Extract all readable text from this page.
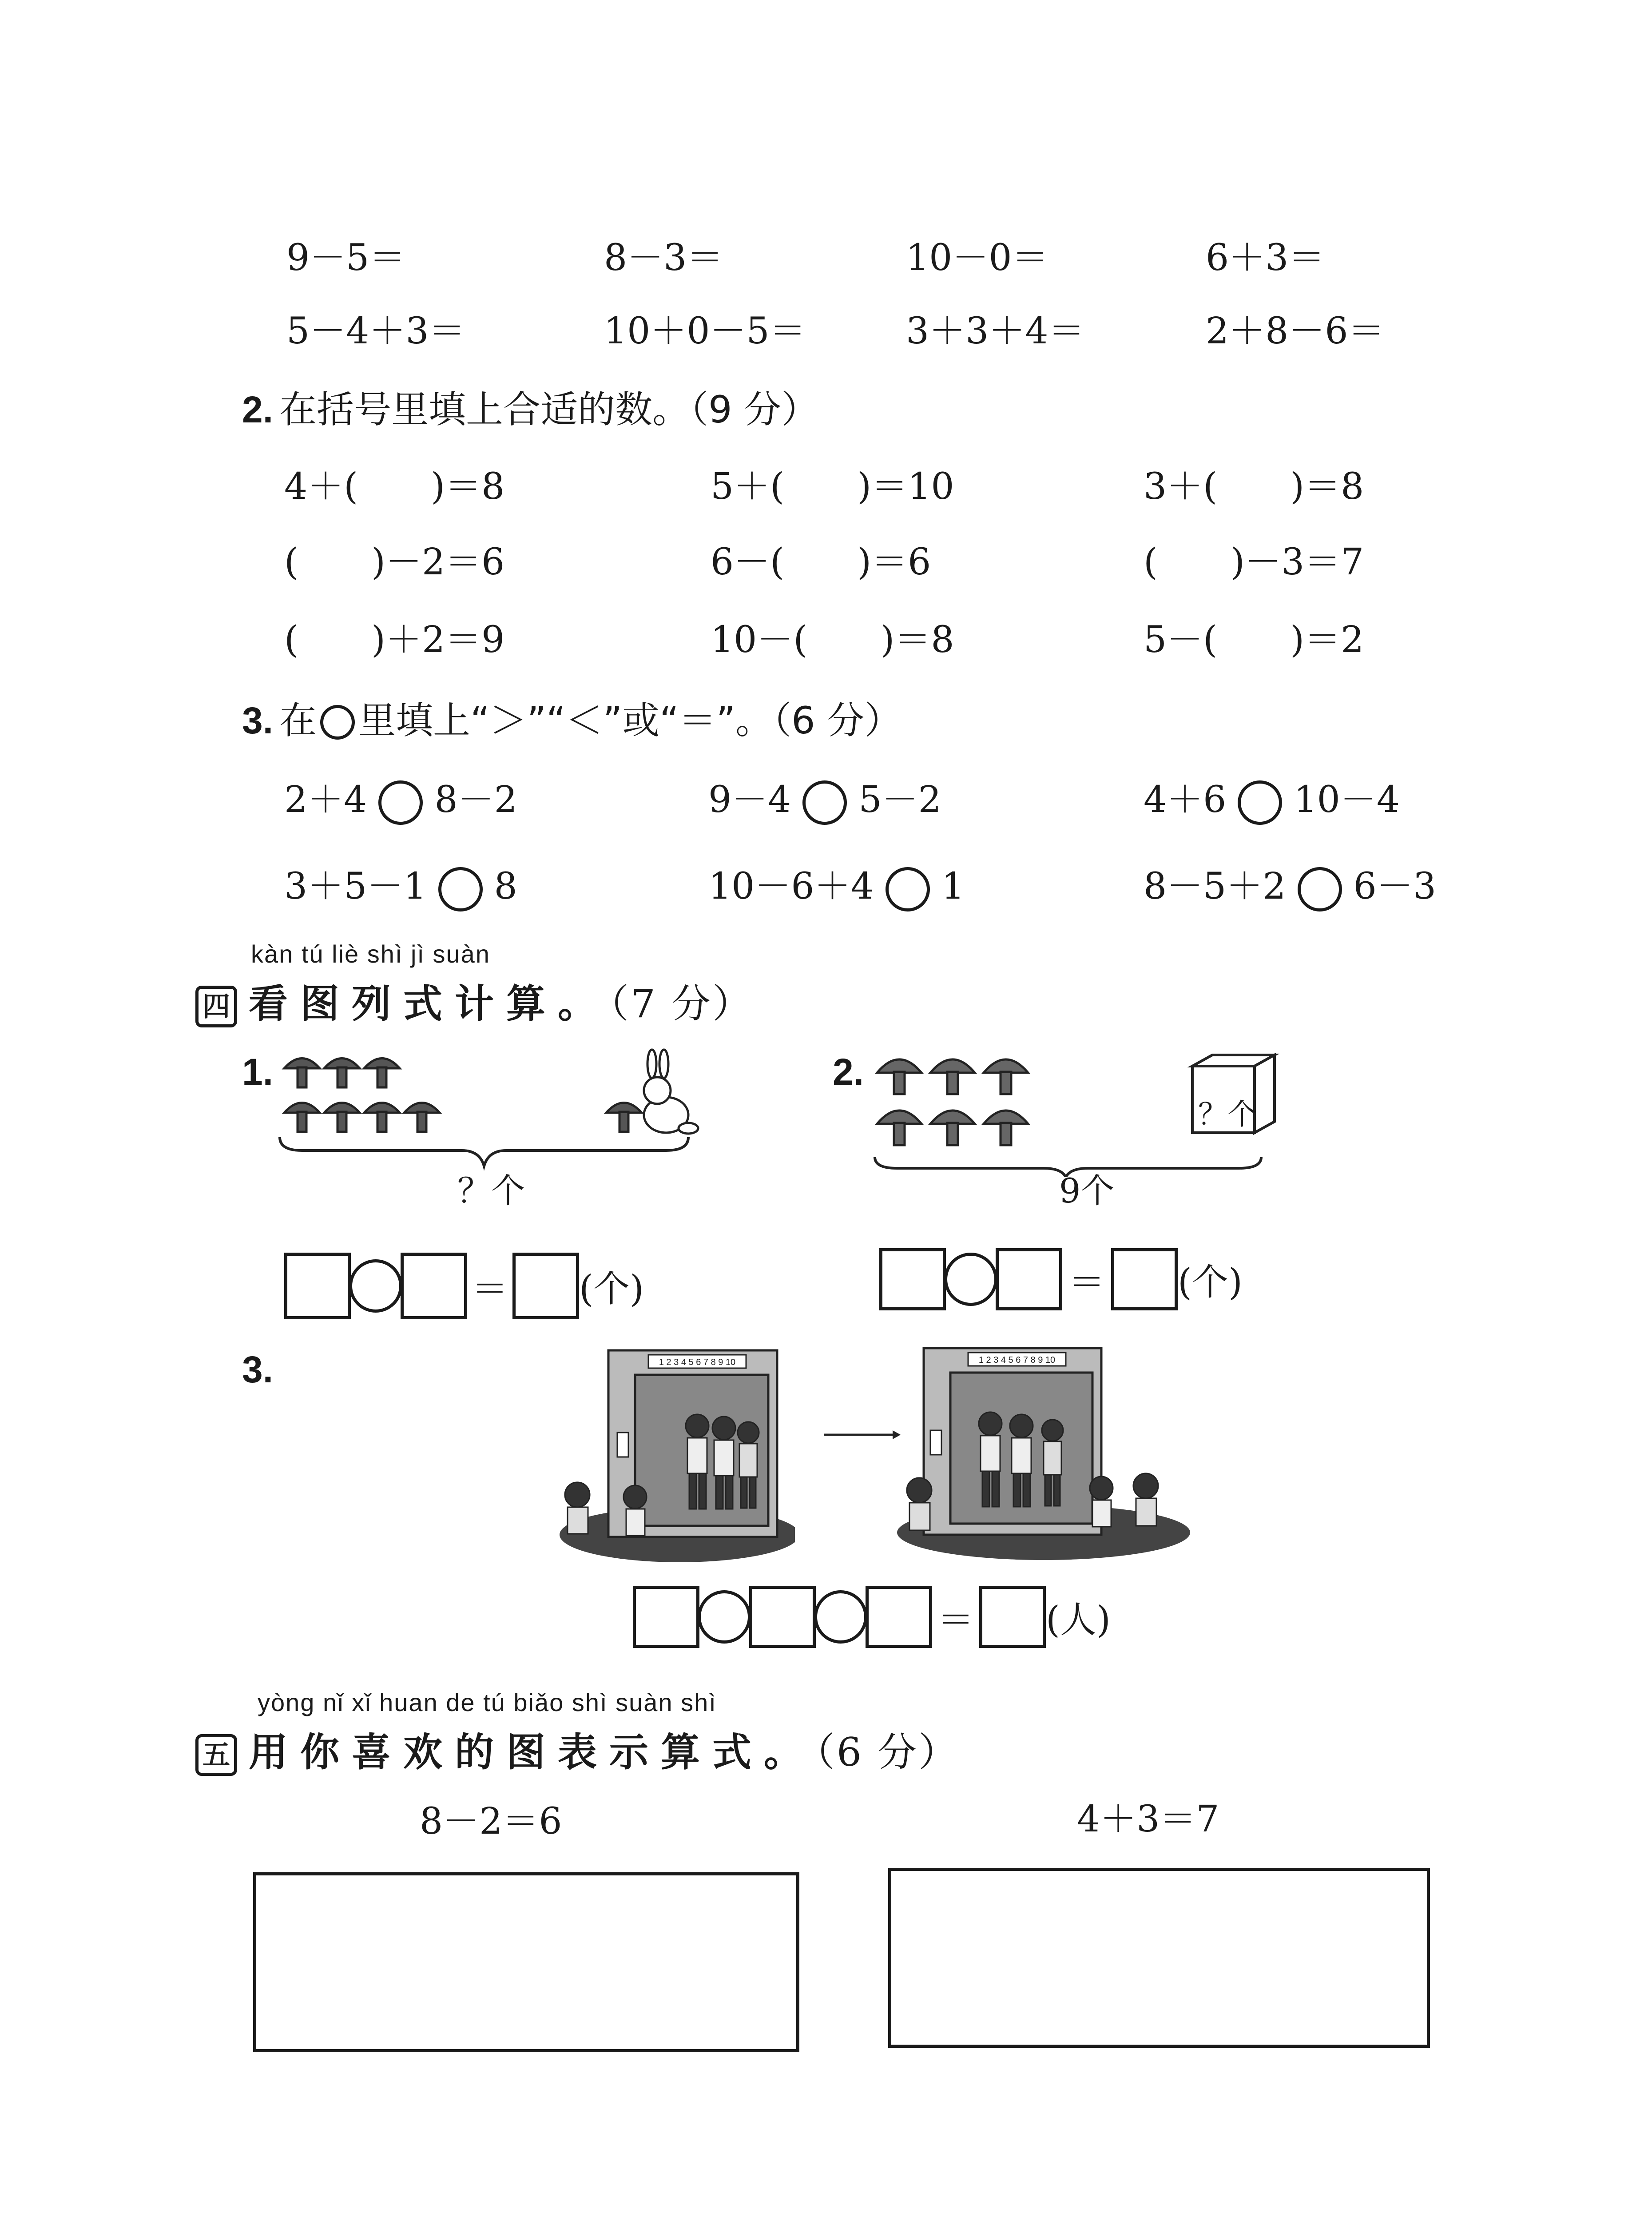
9－5＝	8－3＝	10－0＝	6＋3＝
5－4＋3＝	10＋0－5＝	3＋3＋4＝	2＋8－6＝
2. 在括号里填上合适的数。（9 分）
4＋(　　)＝8	5＋(　　)＝10	3＋(　　)＝8
(　　)－2＝6	6－(　　)＝6	(　　)－3＝7
(　　)＋2＝9	10－(　　)＝8	5－(　　)＝2
3. 在 里填上“＞”“＜”或“＝”。（6 分）
2＋4 8－2	9－4 5－2	4＋6 10－4
3＋5－1 8	10－6＋4 1	8－5＋2 6－3
kàn tú liè shì jì suàn
四 看图列式计算。（7 分）
1.
？个
＝ (个)
2.
？个
9个
＝ (个)
3.	1 2 3 4 5 6 7 8 9 10	1 2 3 4 5 6 7 8 9 10
＝ (人)
yòng nǐ xǐ huan de tú biǎo shì suàn shì
五 用你喜欢的图表示算式。（6 分）
8－2＝6	4＋3＝7
